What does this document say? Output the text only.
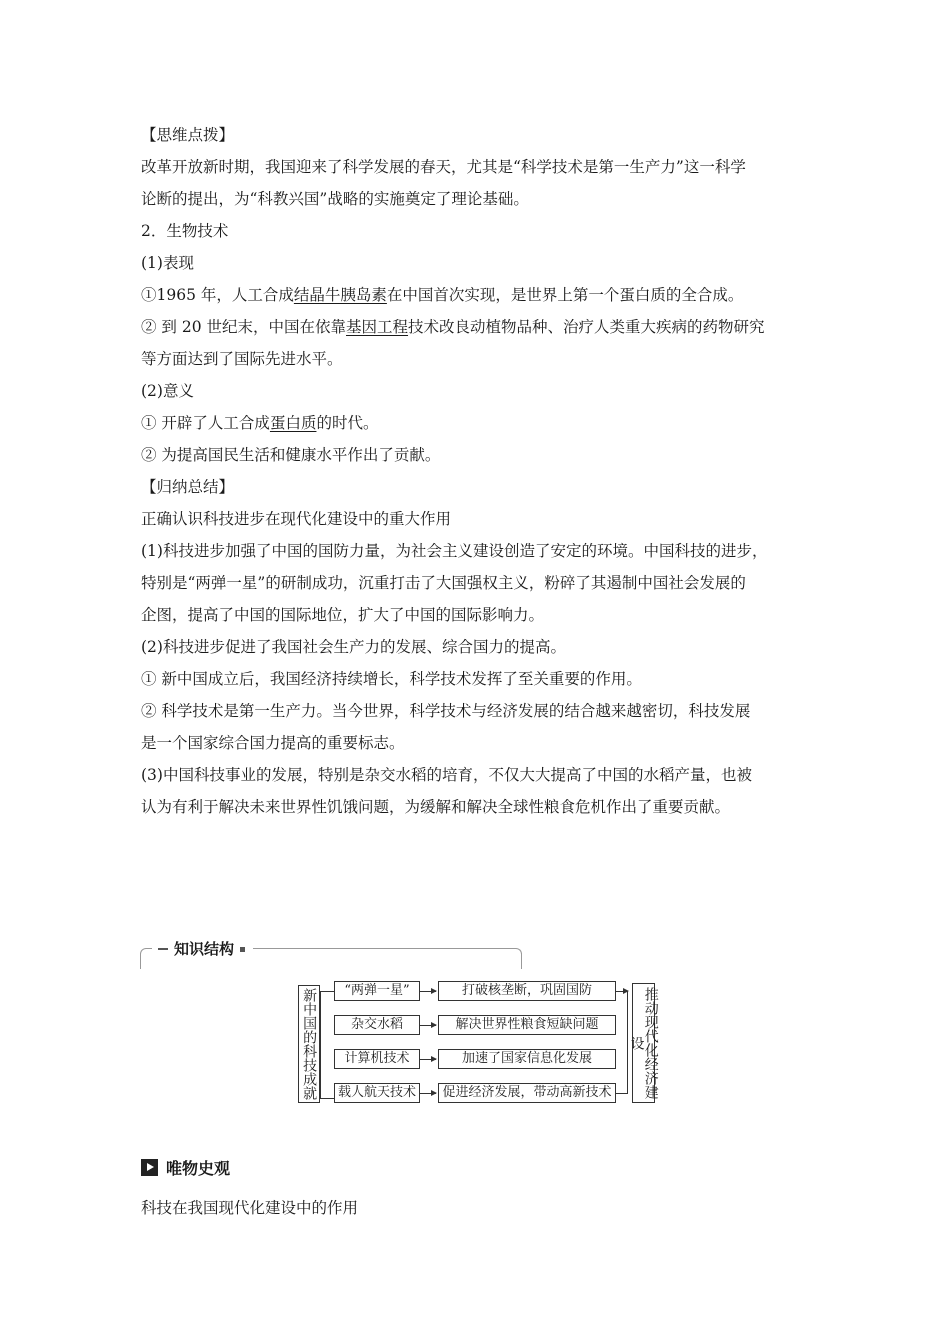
【思维点拨】
改革开放新时期，我国迎来了科学发展的春天，尤其是“科学技术是第一生产力”这一科学
论断的提出，为“科教兴国”战略的实施奠定了理论基础。
2．生物技术
(1)表现
①1965 年，人工合成结晶牛胰岛素在中国首次实现，是世界上第一个蛋白质的全合成。
② 到 20 世纪末，中国在依靠基因工程技术改良动植物品种、治疗人类重大疾病的药物研究
等方面达到了国际先进水平。
(2)意义
① 开辟了人工合成蛋白质的时代。
② 为提高国民生活和健康水平作出了贡献。
【归纳总结】
正确认识科技进步在现代化建设中的重大作用
(1)科技进步加强了中国的国防力量，为社会主义建设创造了安定的环境。中国科技的进步，
特别是“两弹一星”的研制成功，沉重打击了大国强权主义，粉碎了其遏制中国社会发展的
企图，提高了中国的国际地位，扩大了中国的国际影响力。
(2)科技进步促进了我国社会生产力的发展、综合国力的提高。
① 新中国成立后，我国经济持续增长，科学技术发挥了至关重要的作用。
② 科学技术是第一生产力。当今世界，科学技术与经济发展的结合越来越密切，科技发展
是一个国家综合国力提高的重要标志。
(3)中国科技事业的发展，特别是杂交水稻的培育，不仅大大提高了中国的水稻产量，也被
认为有利于解决未来世界性饥饿问题，为缓解和解决全球性粮食危机作出了重要贡献。
知识结构
新中国的科技成就	“两弹一星”
杂交水稻
计算机技术
载人航天技术
打破核垄断，巩固国防
解决世界性粮食短缺问题
加速了国家信息化发展
促进经济发展，带动高新技术	推动现代化经济建设
唯物史观
科技在我国现代化建设中的作用
